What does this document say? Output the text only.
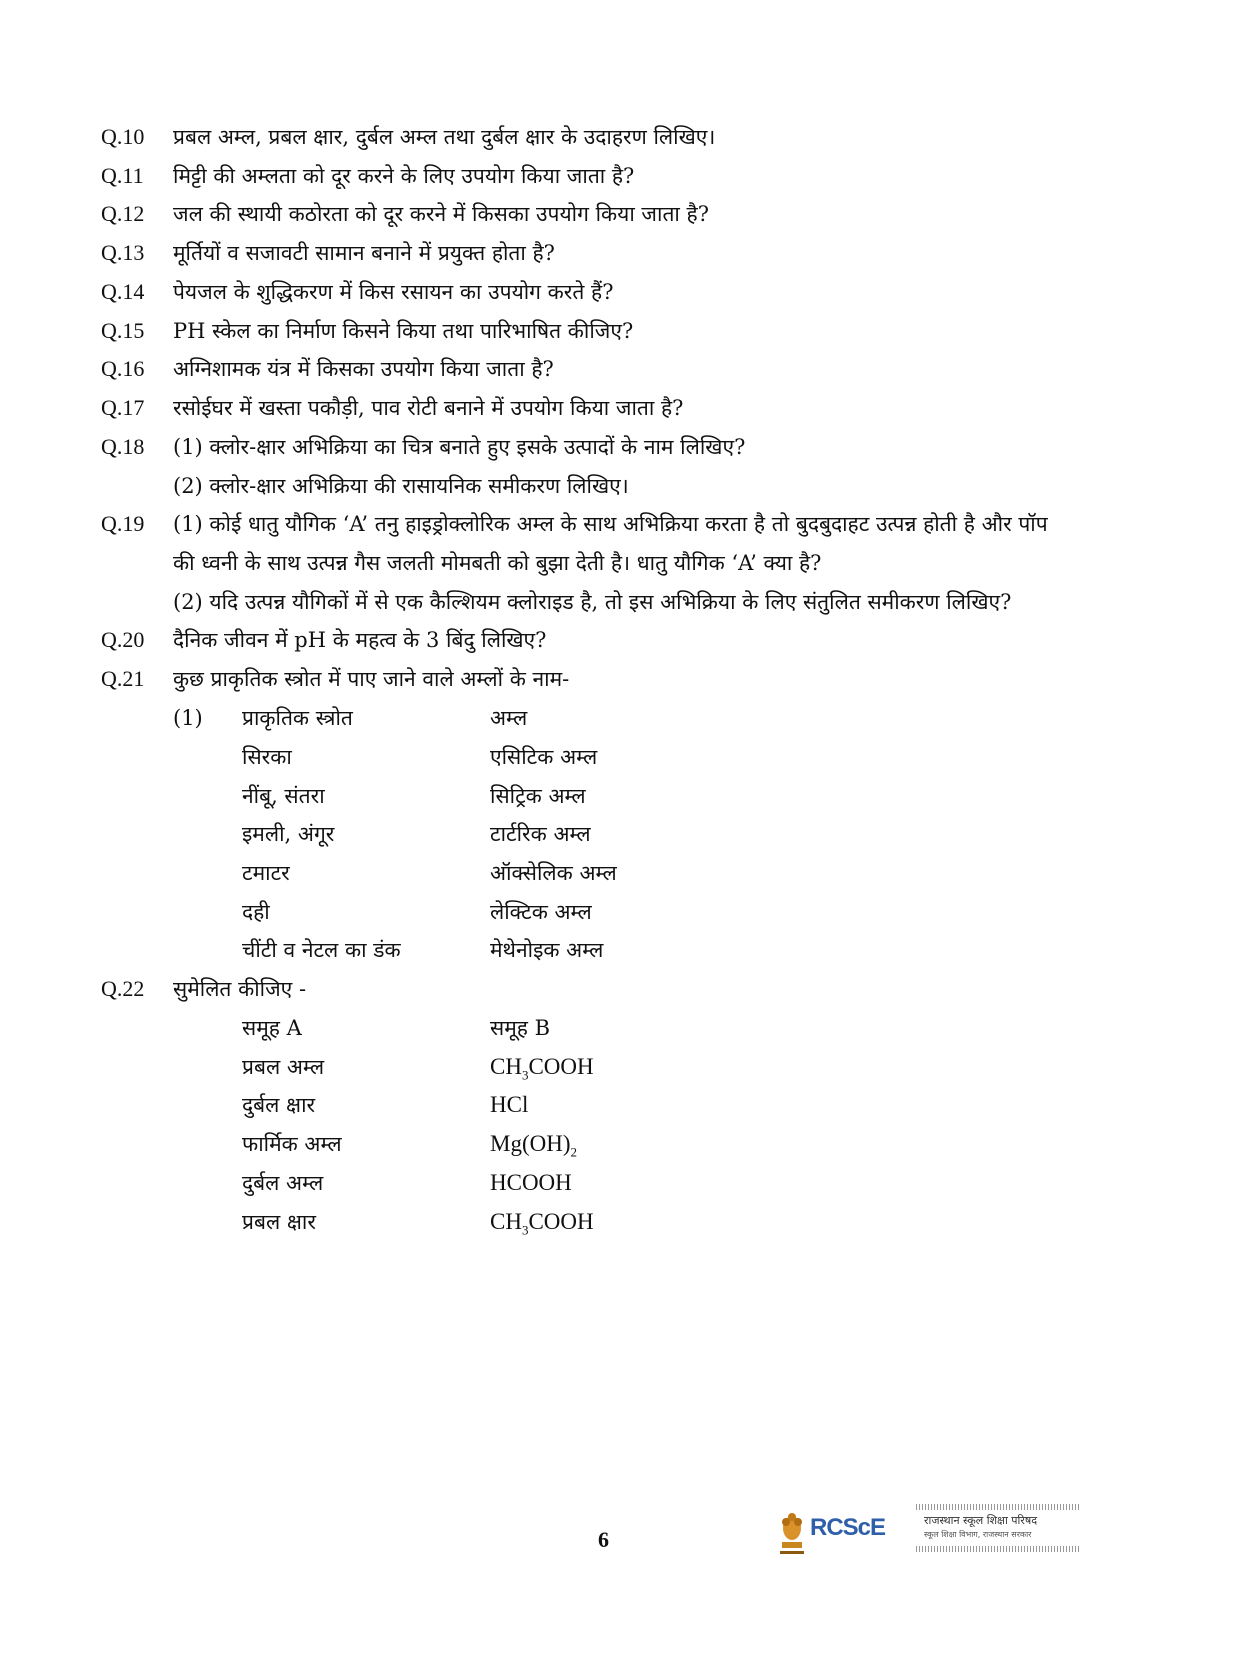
Q.10 प्रबल अम्ल, प्रबल क्षार, दुर्बल अम्ल तथा दुर्बल क्षार के उदाहरण लिखिए।
Q.11 मिट्टी की अम्लता को दूर करने के लिए उपयोग किया जाता है?
Q.12 जल की स्थायी कठोरता को दूर करने में किसका उपयोग किया जाता है?
Q.13 मूर्तियों व सजावटी सामान बनाने में प्रयुक्त होता है?
Q.14 पेयजल के शुद्धिकरण में किस रसायन का उपयोग करते हैं?
Q.15 PH स्केल का निर्माण किसने किया तथा पारिभाषित कीजिए?
Q.16 अग्निशामक यंत्र में किसका उपयोग किया जाता है?
Q.17 रसोईघर में खस्ता पकौड़ी, पाव रोटी बनाने में उपयोग किया जाता है?
Q.18 (1) क्लोर-क्षार अभिक्रिया का चित्र बनाते हुए इसके उत्पादों के नाम लिखिए?
(2) क्लोर-क्षार अभिक्रिया की रासायनिक समीकरण लिखिए।
Q.19 (1) कोई धातु यौगिक ‘A’ तनु हाइड्रोक्लोरिक अम्ल के साथ अभिक्रिया करता है तो बुदबुदाहट उत्पन्न होती है और पॉप
की ध्वनी के साथ उत्पन्न गैस जलती मोमबती को बुझा देती है। धातु यौगिक ‘A’ क्या है?
(2) यदि उत्पन्न यौगिकों में से एक कैल्शियम क्लोराइड है, तो इस अभिक्रिया के लिए संतुलित समीकरण लिखिए?
Q.20 दैनिक जीवन में pH के महत्व के 3 बिंदु लिखिए?
Q.21 कुछ प्राकृतिक स्त्रोत में पाए जाने वाले अम्लों के नाम-
(1) प्राकृतिक स्त्रोत	अम्ल
सिरका	एसिटिक अम्ल
नींबू, संतरा	सिट्रिक अम्ल
इमली, अंगूर	टार्टरिक अम्ल
टमाटर	ऑक्सेलिक अम्ल
दही	लेक्टिक अम्ल
चींटी व नेटल का डंक	मेथेनोइक अम्ल
Q.22 सुमेलित कीजिए -
समूह A	समूह B
प्रबल अम्ल	$CH_3COOH$
दुर्बल क्षार	HCl
फार्मिक अम्ल	$Mg(OH)_2$
दुर्बल अम्ल	HCOOH
प्रबल क्षार	$CH_3COOH$
6	RCScE	राजस्थान स्कूल शिक्षा परिषद
स्कूल शिक्षा विभाग, राजस्थान सरकार
